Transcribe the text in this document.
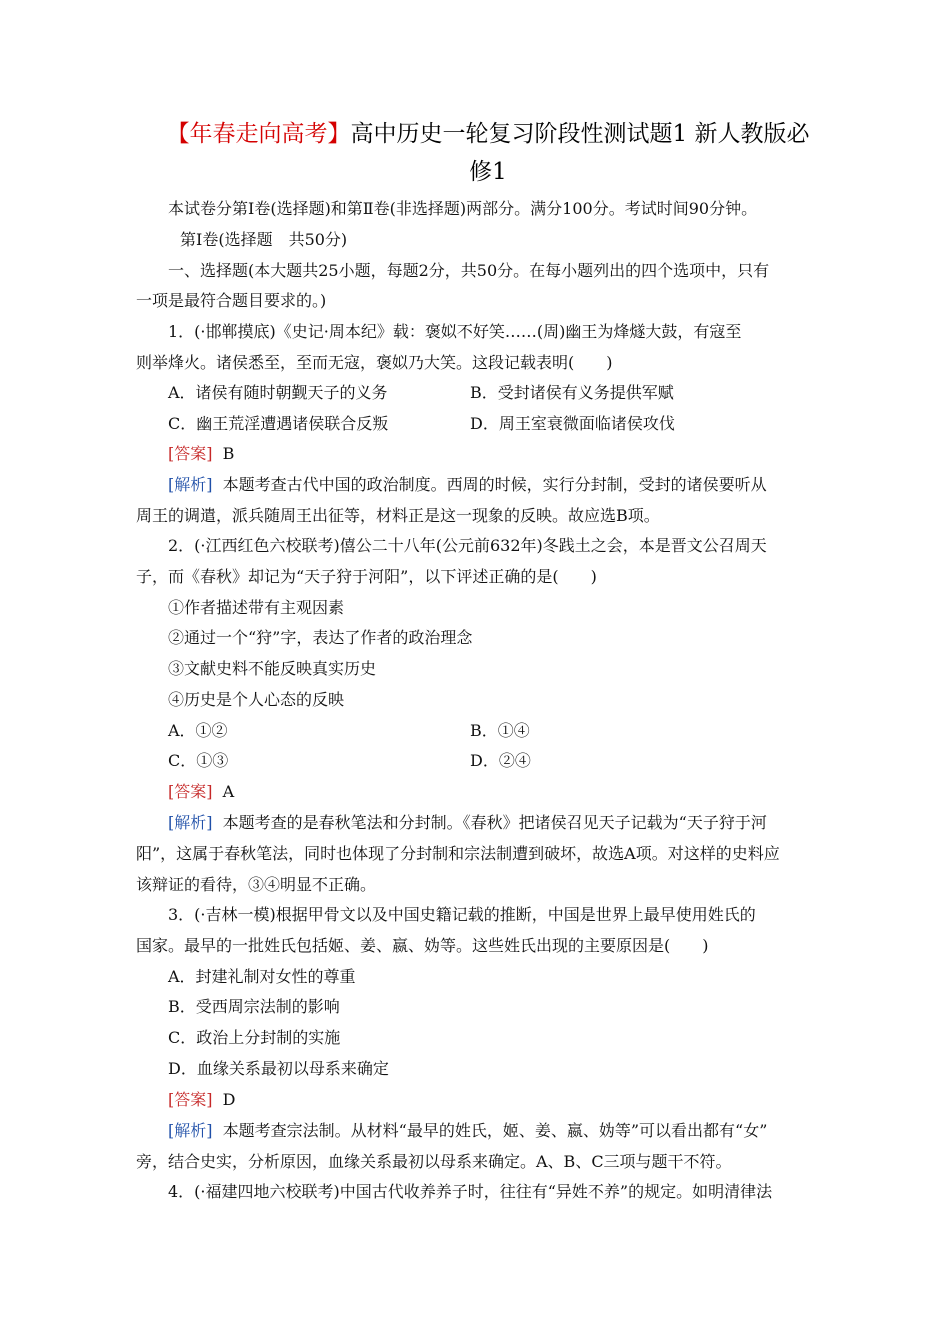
【年春走向高考】高中历史一轮复习阶段性测试题1 新人教版必
修1
本试卷分第Ⅰ卷(选择题)和第Ⅱ卷(非选择题)两部分。满分100分。考试时间90分钟。
第Ⅰ卷(选择题　共50分)
一、选择题(本大题共25小题，每题2分，共50分。在每小题列出的四个选项中，只有
一项是最符合题目要求的。)
1．(·邯郸摸底)《史记·周本纪》载：褒姒不好笑……(周)幽王为烽燧大鼓，有寇至
则举烽火。诸侯悉至，至而无寇，褒姒乃大笑。这段记载表明(　　)
A．诸侯有随时朝觐天子的义务	B．受封诸侯有义务提供军赋
C．幽王荒淫遭遇诸侯联合反叛	D．周王室衰微面临诸侯攻伐
[答案] B
[解析] 本题考查古代中国的政治制度。西周的时候，实行分封制，受封的诸侯要听从
周王的调遣，派兵随周王出征等，材料正是这一现象的反映。故应选B项。
2．(·江西红色六校联考)僖公二十八年(公元前632年)冬践土之会，本是晋文公召周天
子，而《春秋》却记为“天子狩于河阳”，以下评述正确的是(　　)
①作者描述带有主观因素
②通过一个“狩”字，表达了作者的政治理念
③文献史料不能反映真实历史
④历史是个人心态的反映
A．①②	B．①④
C．①③	D．②④
[答案] A
[解析] 本题考查的是春秋笔法和分封制。《春秋》把诸侯召见天子记载为“天子狩于河
阳”，这属于春秋笔法，同时也体现了分封制和宗法制遭到破坏，故选A项。对这样的史料应
该辩证的看待，③④明显不正确。
3．(·吉林一模)根据甲骨文以及中国史籍记载的推断，中国是世界上最早使用姓氏的
国家。最早的一批姓氏包括姬、姜、嬴、妫等。这些姓氏出现的主要原因是(　　)
A．封建礼制对女性的尊重
B．受西周宗法制的影响
C．政治上分封制的实施
D．血缘关系最初以母系来确定
[答案] D
[解析] 本题考查宗法制。从材料“最早的姓氏，姬、姜、嬴、妫等”可以看出都有“女”
旁，结合史实，分析原因，血缘关系最初以母系来确定。A、B、C三项与题干不符。
4．(·福建四地六校联考)中国古代收养养子时，往往有“异姓不养”的规定。如明清律法
